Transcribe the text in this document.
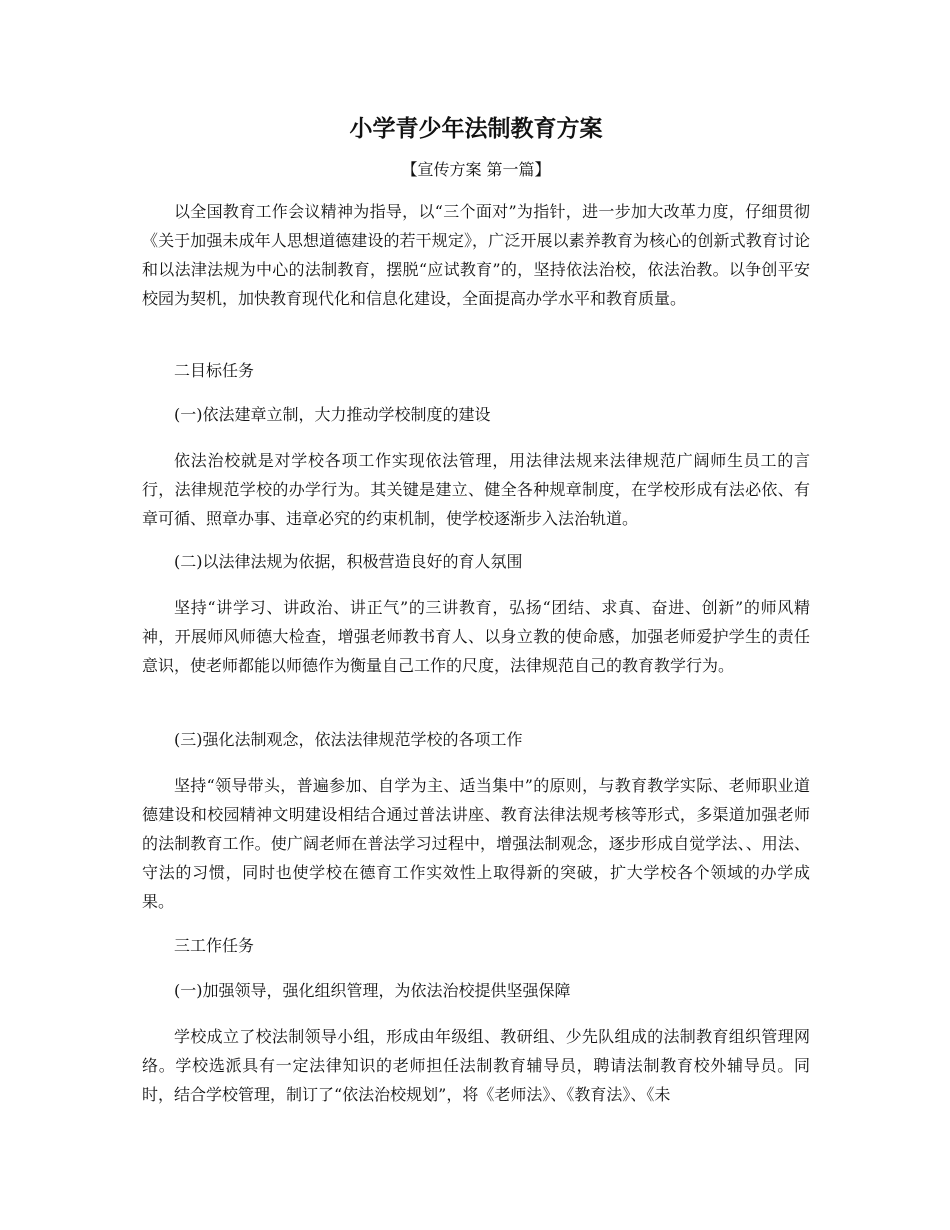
小学青少年法制教育方案

【宣传方案 第一篇】

以全国教育工作会议精神为指导，以“三个面对”为指针，进一步加大改革力度，仔细贯彻《关于加强未成年人思想道德建设的若干规定》，广泛开展以素养教育为核心的创新式教育讨论和以法津法规为中心的法制教育，摆脱“应试教育”的，坚持依法治校，依法治教。以争创平安校园为契机，加快教育现代化和信息化建设，全面提高办学水平和教育质量。

二目标任务

(一)依法建章立制，大力推动学校制度的建设

依法治校就是对学校各项工作实现依法管理，用法律法规来法律规范广阔师生员工的言行，法律规范学校的办学行为。其关键是建立、健全各种规章制度，在学校形成有法必依、有章可循、照章办事、违章必究的约束机制，使学校逐渐步入法治轨道。

(二)以法律法规为依据，积极营造良好的育人氛围

坚持“讲学习、讲政治、讲正气”的三讲教育，弘扬“团结、求真、奋进、创新”的师风精神，开展师风师德大检查，增强老师教书育人、以身立教的使命感，加强老师爱护学生的责任意识，使老师都能以师德作为衡量自己工作的尺度，法律规范自己的教育教学行为。

(三)强化法制观念，依法法律规范学校的各项工作

坚持“领导带头，普遍参加、自学为主、适当集中”的原则，与教育教学实际、老师职业道德建设和校园精神文明建设相结合通过普法讲座、教育法律法规考核等形式，多渠道加强老师的法制教育工作。使广阔老师在普法学习过程中，增强法制观念，逐步形成自觉学法、、用法、守法的习惯，同时也使学校在德育工作实效性上取得新的突破，扩大学校各个领域的办学成果。

三工作任务

(一)加强领导，强化组织管理，为依法治校提供坚强保障

学校成立了校法制领导小组，形成由年级组、教研组、少先队组成的法制教育组织管理网络。学校选派具有一定法律知识的老师担任法制教育辅导员，聘请法制教育校外辅导员。同时，结合学校管理，制订了“依法治校规划”，将《老师法》、《教育法》、《未
